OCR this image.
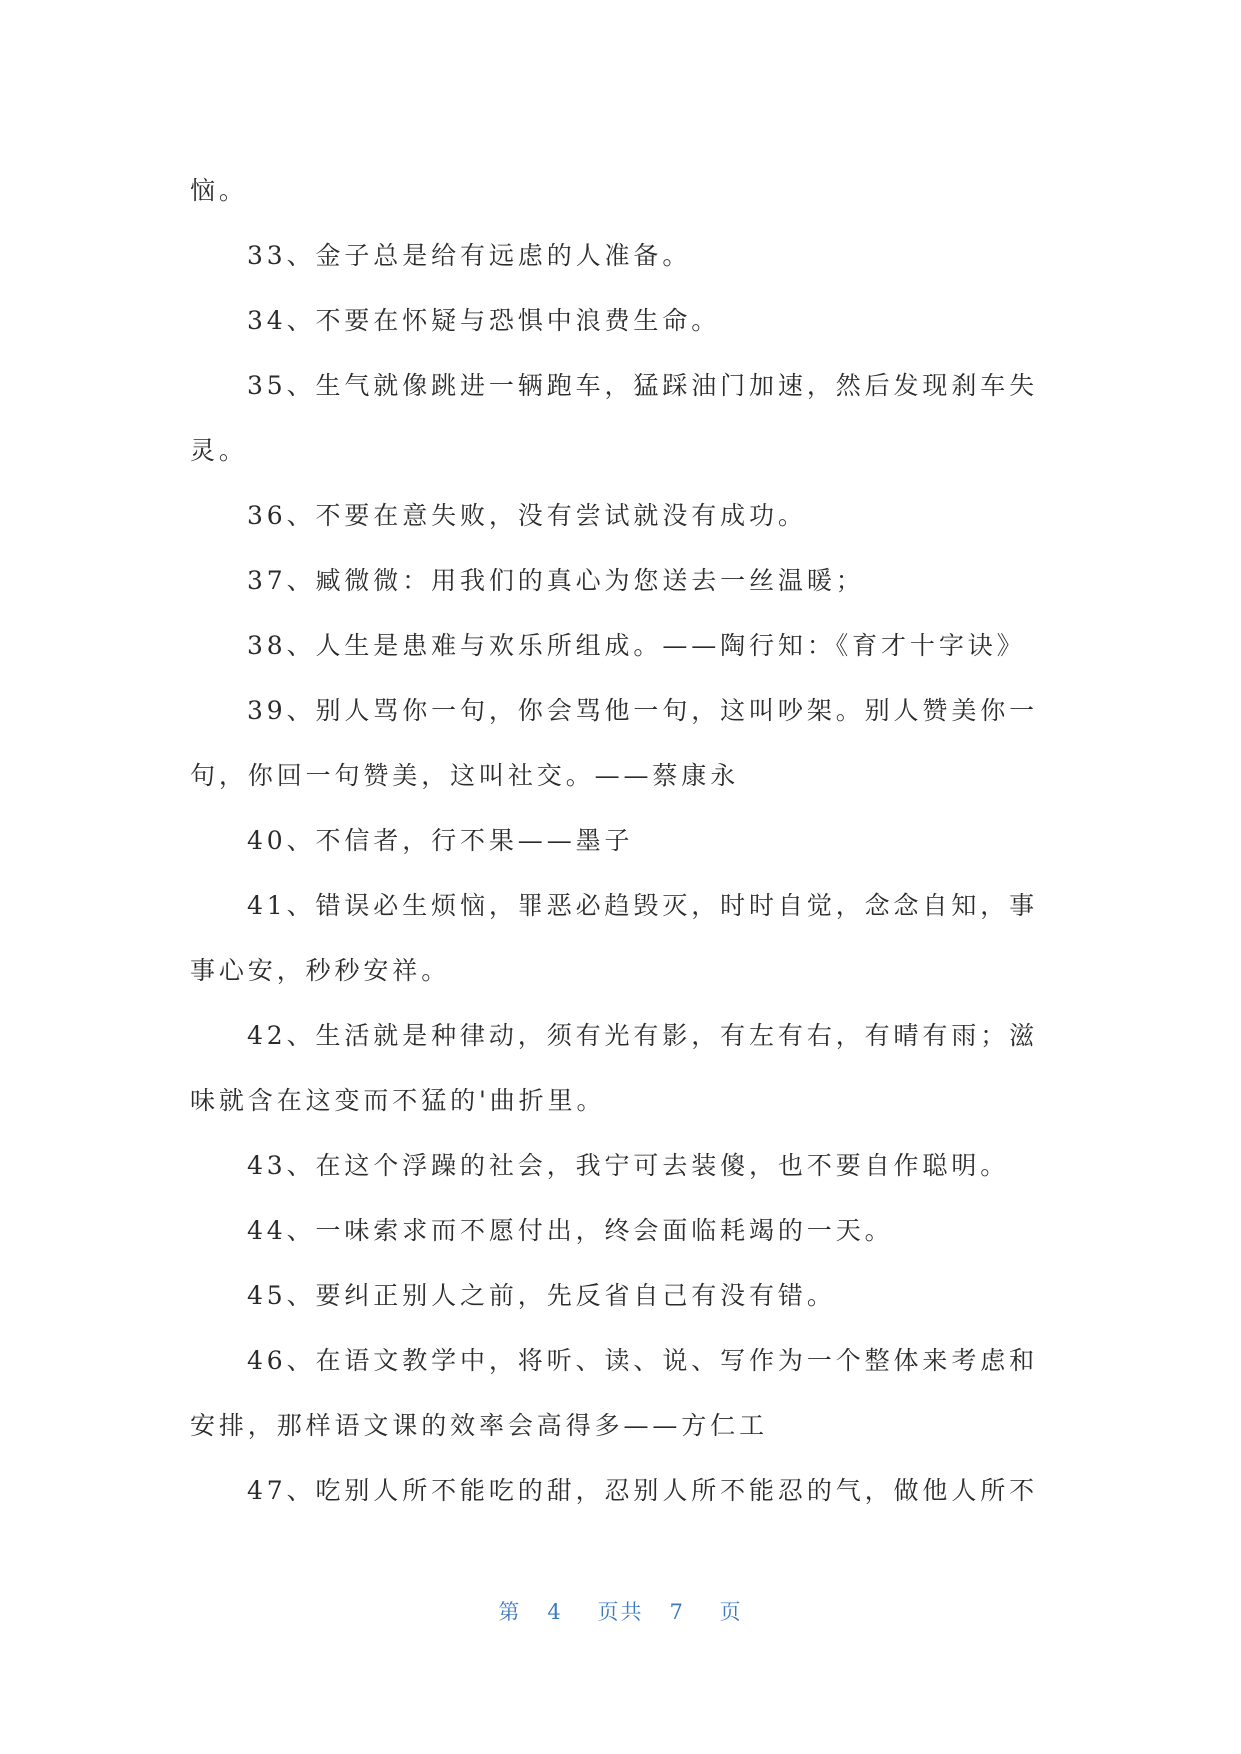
恼。
33、金子总是给有远虑的人准备。
34、不要在怀疑与恐惧中浪费生命。
35、生气就像跳进一辆跑车，猛踩油门加速，然后发现刹车失
灵。
36、不要在意失败，没有尝试就没有成功。
37、臧微微：用我们的真心为您送去一丝温暖；
38、人生是患难与欢乐所组成。——陶行知：《育才十字诀》
39、别人骂你一句，你会骂他一句，这叫吵架。别人赞美你一
句，你回一句赞美，这叫社交。——蔡康永
40、不信者，行不果——墨子
41、错误必生烦恼，罪恶必趋毁灭，时时自觉，念念自知，事
事心安，秒秒安祥。
42、生活就是种律动，须有光有影，有左有右，有晴有雨；滋
味就含在这变而不猛的'曲折里。
43、在这个浮躁的社会，我宁可去装傻，也不要自作聪明。
44、一味索求而不愿付出，终会面临耗竭的一天。
45、要纠正别人之前，先反省自己有没有错。
46、在语文教学中，将听、读、说、写作为一个整体来考虑和
安排，那样语文课的效率会高得多——方仁工
47、吃别人所不能吃的甜，忍别人所不能忍的气，做他人所不
第 4 页共 7 页
